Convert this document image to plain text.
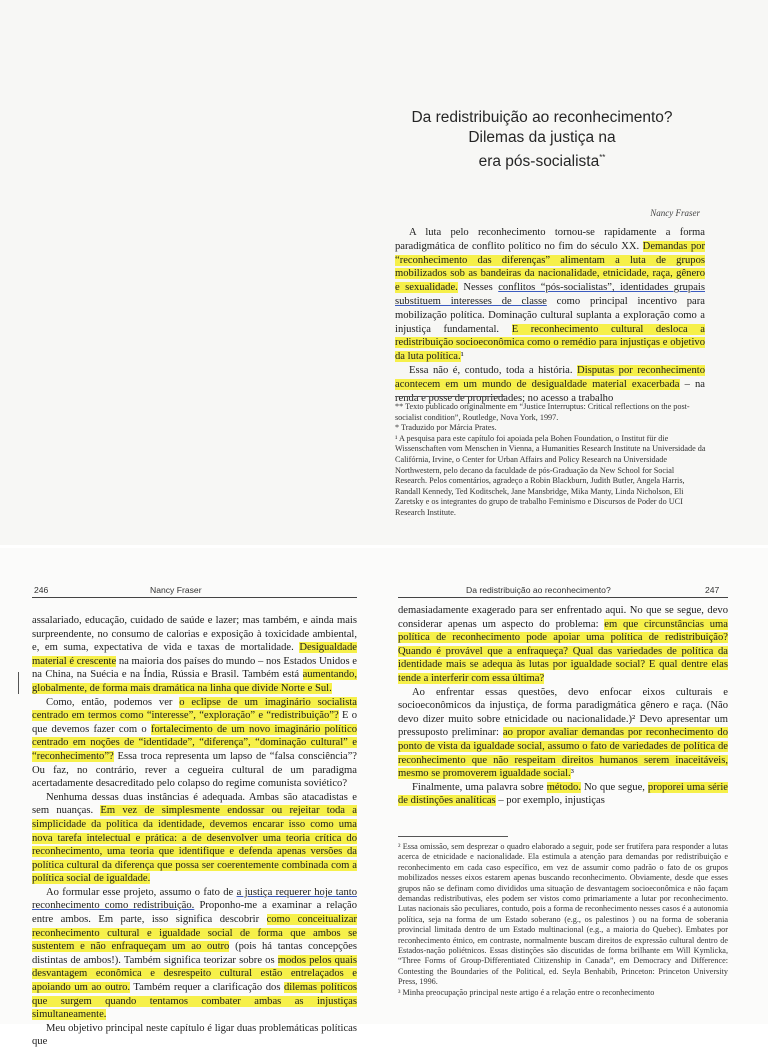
Da redistribuição ao reconhecimento?
Dilemas da justiça na
era pós-socialista**
Nancy Fraser

A luta pelo reconhecimento tornou-se rapidamente a forma paradigmática de conflito político no fim do século XX. Demandas por “reconhecimento das diferenças” alimentam a luta de grupos mobilizados sob as bandeiras da nacionalidade, etnicidade, raça, gênero e sexualidade. Nesses conflitos “pós-socialistas”, identidades grupais substituem interesses de classe como principal incentivo para mobilização política. Dominação cultural suplanta a exploração como a injustiça fundamental. E reconhecimento cultural desloca a redistribuição socioeconômica como o remédio para injustiças e objetivo da luta política.¹

Essa não é, contudo, toda a história. Disputas por reconhecimento acontecem em um mundo de desigualdade material exacerbada – na renda e posse de propriedades; no acesso a trabalho

** Texto publicado originalmente em “Justice Interruptus: Critical reflections on the post-socialist condition”, Routledge, Nova York, 1997.
* Traduzido por Márcia Prates.
¹ A pesquisa para este capítulo foi apoiada pela Bohen Foundation, o Institut für die Wissenschaften vom Menschen in Vienna, a Humanities Research Institute na Universidade da Califórnia, Irvine, o Center for Urban Affairs and Policy Research na Universidade Northwestern, pelo decano da faculdade de pós-Graduação da New School for Social Research. Pelos comentários, agradeço a Robin Blackburn, Judith Butler, Angela Harris, Randall Kennedy, Ted Koditschek, Jane Mansbridge, Mika Manty, Linda Nicholson, Eli Zaretsky e os integrantes do grupo de trabalho Feminismo e Discursos de Poder do UCI Research Institute.
246	Nancy Fraser	Da redistribuição ao reconhecimento?	247

assalariado, educação, cuidado de saúde e lazer; mas também, e ainda mais surpreendente, no consumo de calorias e exposição à toxicidade ambiental, e, em suma, expectativa de vida e taxas de mortalidade. Desigualdade material é crescente na maioria dos países do mundo – nos Estados Unidos e na China, na Suécia e na Índia, Rússia e Brasil. Também está aumentando, globalmente, de forma mais dramática na linha que divide Norte e Sul.

Como, então, podemos ver o eclipse de um imaginário socialista centrado em termos como “interesse”, “exploração” e “redistribuição”? E o que devemos fazer com o fortalecimento de um novo imaginário político centrado em noções de “identidade”, “diferença”, “dominação cultural” e “reconhecimento”? Essa troca representa um lapso de “falsa consciência”? Ou faz, no contrário, rever a cegueira cultural de um paradigma acertadamente desacreditado pelo colapso do regime comunista soviético?

Nenhuma dessas duas instâncias é adequada. Ambas são atacadistas e sem nuanças. Em vez de simplesmente endossar ou rejeitar toda a simplicidade da política da identidade, devemos encarar isso como uma nova tarefa intelectual e prática: a de desenvolver uma teoria crítica do reconhecimento, uma teoria que identifique e defenda apenas versões da política cultural da diferença que possa ser coerentemente combinada com a política social de igualdade.

Ao formular esse projeto, assumo o fato de a justiça requerer hoje tanto reconhecimento como redistribuição. Proponho-me a examinar a relação entre ambos. Em parte, isso significa descobrir como conceitualizar reconhecimento cultural e igualdade social de forma que ambos se sustentem e não enfraqueçam um ao outro (pois há tantas concepções distintas de ambos!). Também significa teorizar sobre os modos pelos quais desvantagem econômica e desrespeito cultural estão entrelaçados e apoiando um ao outro. Também requer a clarificação dos dilemas políticos que surgem quando tentamos combater ambas as injustiças simultaneamente.

Meu objetivo principal neste capítulo é ligar duas problemáticas políticas que

demasiadamente exagerado para ser enfrentado aqui. No que se segue, devo considerar apenas um aspecto do problema: em que circunstâncias uma política de reconhecimento pode apoiar uma política de redistribuição? Quando é provável que a enfraqueça? Qual das variedades de política da identidade mais se adequa às lutas por igualdade social? E qual dentre elas tende a interferir com essa última?

Ao enfrentar essas questões, devo enfocar eixos culturais e socioeconômicos da injustiça, de forma paradigmática gênero e raça. (Não devo dizer muito sobre etnicidade ou nacionalidade.)² Devo apresentar um pressuposto preliminar: ao propor avaliar demandas por reconhecimento do ponto de vista da igualdade social, assumo o fato de variedades de política de reconhecimento que não respeitam direitos humanos serem inaceitáveis, mesmo se promoverem igualdade social.³

Finalmente, uma palavra sobre método. No que segue, proporei uma série de distinções analíticas – por exemplo, injustiças

² Essa omissão, sem desprezar o quadro elaborado a seguir, pode ser frutífera para responder a lutas acerca de etnicidade e nacionalidade. Ela estimula a atenção para demandas por redistribuição e reconhecimento em cada caso específico, em vez de assumir como padrão o fato de os grupos mobilizados nesses eixos estarem apenas buscando reconhecimento. Obviamente, desde que esses grupos não se definam como divididos uma situação de desvantagem socioeconômica e não façam demandas redistributivas, eles podem ser vistos como primariamente a lutar por reconhecimento. Lutas nacionais são peculiares, contudo, pois a forma de reconhecimento nesses casos é a autonomia política, seja na forma de um Estado soberano (e.g., os palestinos ) ou na forma de soberania provincial limitada dentro de um Estado multinacional (e.g., a maioria do Quebec). Embates por reconhecimento étnico, em contraste, normalmente buscam direitos de expressão cultural dentro de Estados-nação poliétnicos. Essas distinções são discutidas de forma brilhante em Will Kymlicka, “Three Forms of Group-Differentiated Citizenship in Canada”, em Democracy and Difference: Contesting the Boundaries of the Political, ed. Seyla Benhabib, Princeton: Princeton University Press, 1996.
³ Minha preocupação principal neste artigo é a relação entre o reconhecimento
